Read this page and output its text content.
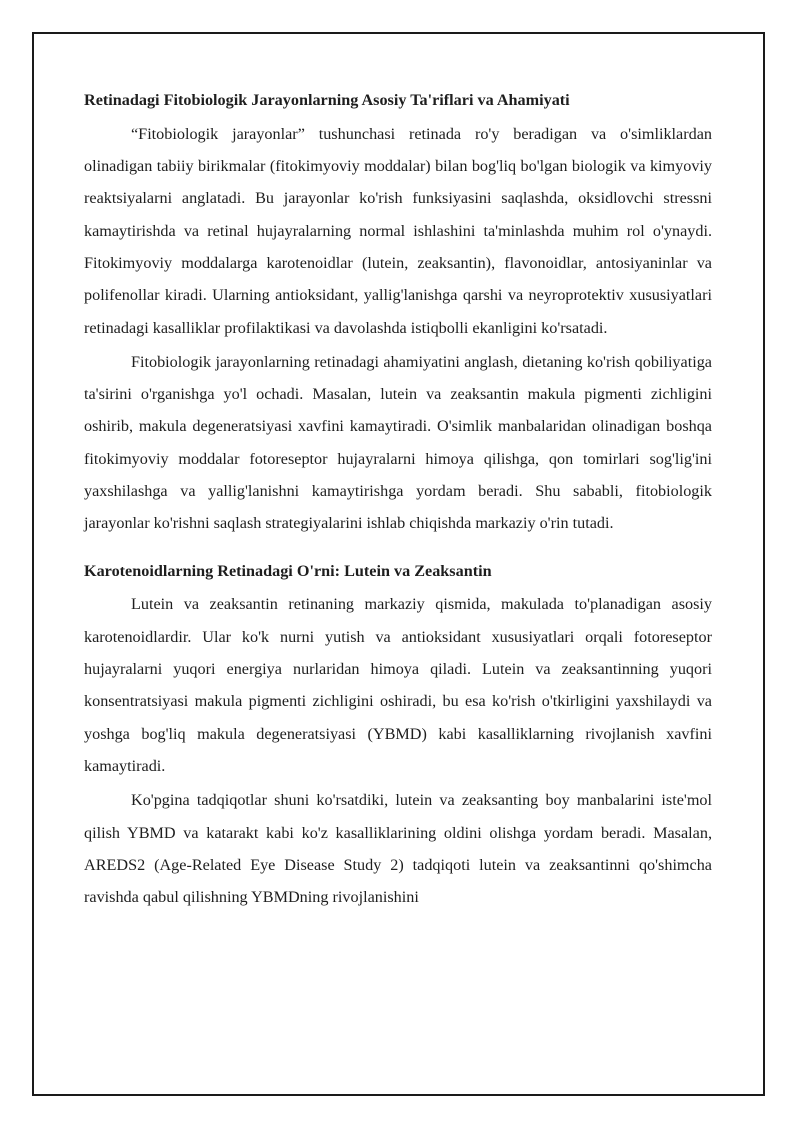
Retinadagi Fitobiologik Jarayonlarning Asosiy Ta'riflari va Ahamiyati
“Fitobiologik jarayonlar” tushunchasi retinada ro'y beradigan va o'simliklardan olinadigan tabiiy birikmalar (fitokimyoviy moddalar) bilan bog'liq bo'lgan biologik va kimyoviy reaktsiyalarni anglatadi. Bu jarayonlar ko'rish funksiyasini saqlashda, oksidlovchi stressni kamaytirishda va retinal hujayralarning normal ishlashini ta'minlashda muhim rol o'ynaydi. Fitokimyoviy moddalarga karotenoidlar (lutein, zeaksantin), flavonoidlar, antosiyaninlar va polifenollar kiradi. Ularning antioksidant, yallig'lanishga qarshi va neyroprotektiv xususiyatlari retinadagi kasalliklar profilaktikasi va davolashda istiqbolli ekanligini ko'rsatadi.
Fitobiologik jarayonlarning retinadagi ahamiyatini anglash, dietaning ko'rish qobiliyatiga ta'sirini o'rganishga yo'l ochadi. Masalan, lutein va zeaksantin makula pigmenti zichligini oshirib, makula degeneratsiyasi xavfini kamaytiradi. O'simlik manbalaridan olinadigan boshqa fitokimyoviy moddalar fotoreseptor hujayralarni himoya qilishga, qon tomirlari sog'lig'ini yaxshilashga va yallig'lanishni kamaytirishga yordam beradi. Shu sababli, fitobiologik jarayonlar ko'rishni saqlash strategiyalarini ishlab chiqishda markaziy o'rin tutadi.
Karotenoidlarning Retinadagi O'rni: Lutein va Zeaksantin
Lutein va zeaksantin retinaning markaziy qismida, makulada to'planadigan asosiy karotenoidlardir. Ular ko'k nurni yutish va antioksidant xususiyatlari orqali fotoreseptor hujayralarni yuqori energiya nurlaridan himoya qiladi. Lutein va zeaksantinning yuqori konsentratsiyasi makula pigmenti zichligini oshiradi, bu esa ko'rish o'tkirligini yaxshilaydi va yoshga bog'liq makula degeneratsiyasi (YBMD) kabi kasalliklarning rivojlanish xavfini kamaytiradi.
Ko'pgina tadqiqotlar shuni ko'rsatdiki, lutein va zeaksanting boy manbalarini iste'mol qilish YBMD va katarakt kabi ko'z kasalliklarining oldini olishga yordam beradi. Masalan, AREDS2 (Age-Related Eye Disease Study 2) tadqiqoti lutein va zeaksantinni qo'shimcha ravishda qabul qilishning YBMDning rivojlanishini
